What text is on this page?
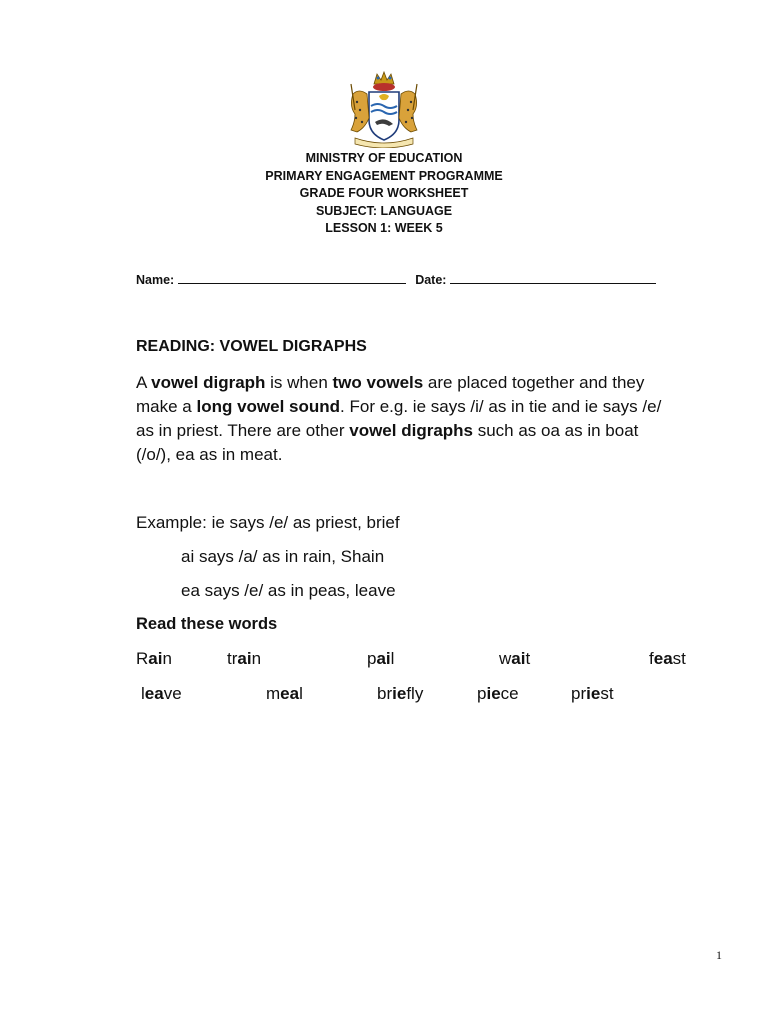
MINISTRY OF EDUCATION
PRIMARY ENGAGEMENT PROGRAMME
GRADE FOUR WORKSHEET
SUBJECT: LANGUAGE
LESSON 1: WEEK 5
Name:	Date:
READING: VOWEL DIGRAPHS
A vowel digraph is when two vowels are placed together and they
make a long vowel sound. For e.g. ie says /i/ as in tie and ie says /e/
as in priest. There are other vowel digraphs such as oa as in boat
(/o/), ea as in meat.
Example: ie says /e/ as priest, brief
ai says /a/ as in rain, Shain
ea says /e/ as in peas, leave
Read these words
Rain	train	pail	wait	feast
leave	meal	briefly	piece	priest
1
